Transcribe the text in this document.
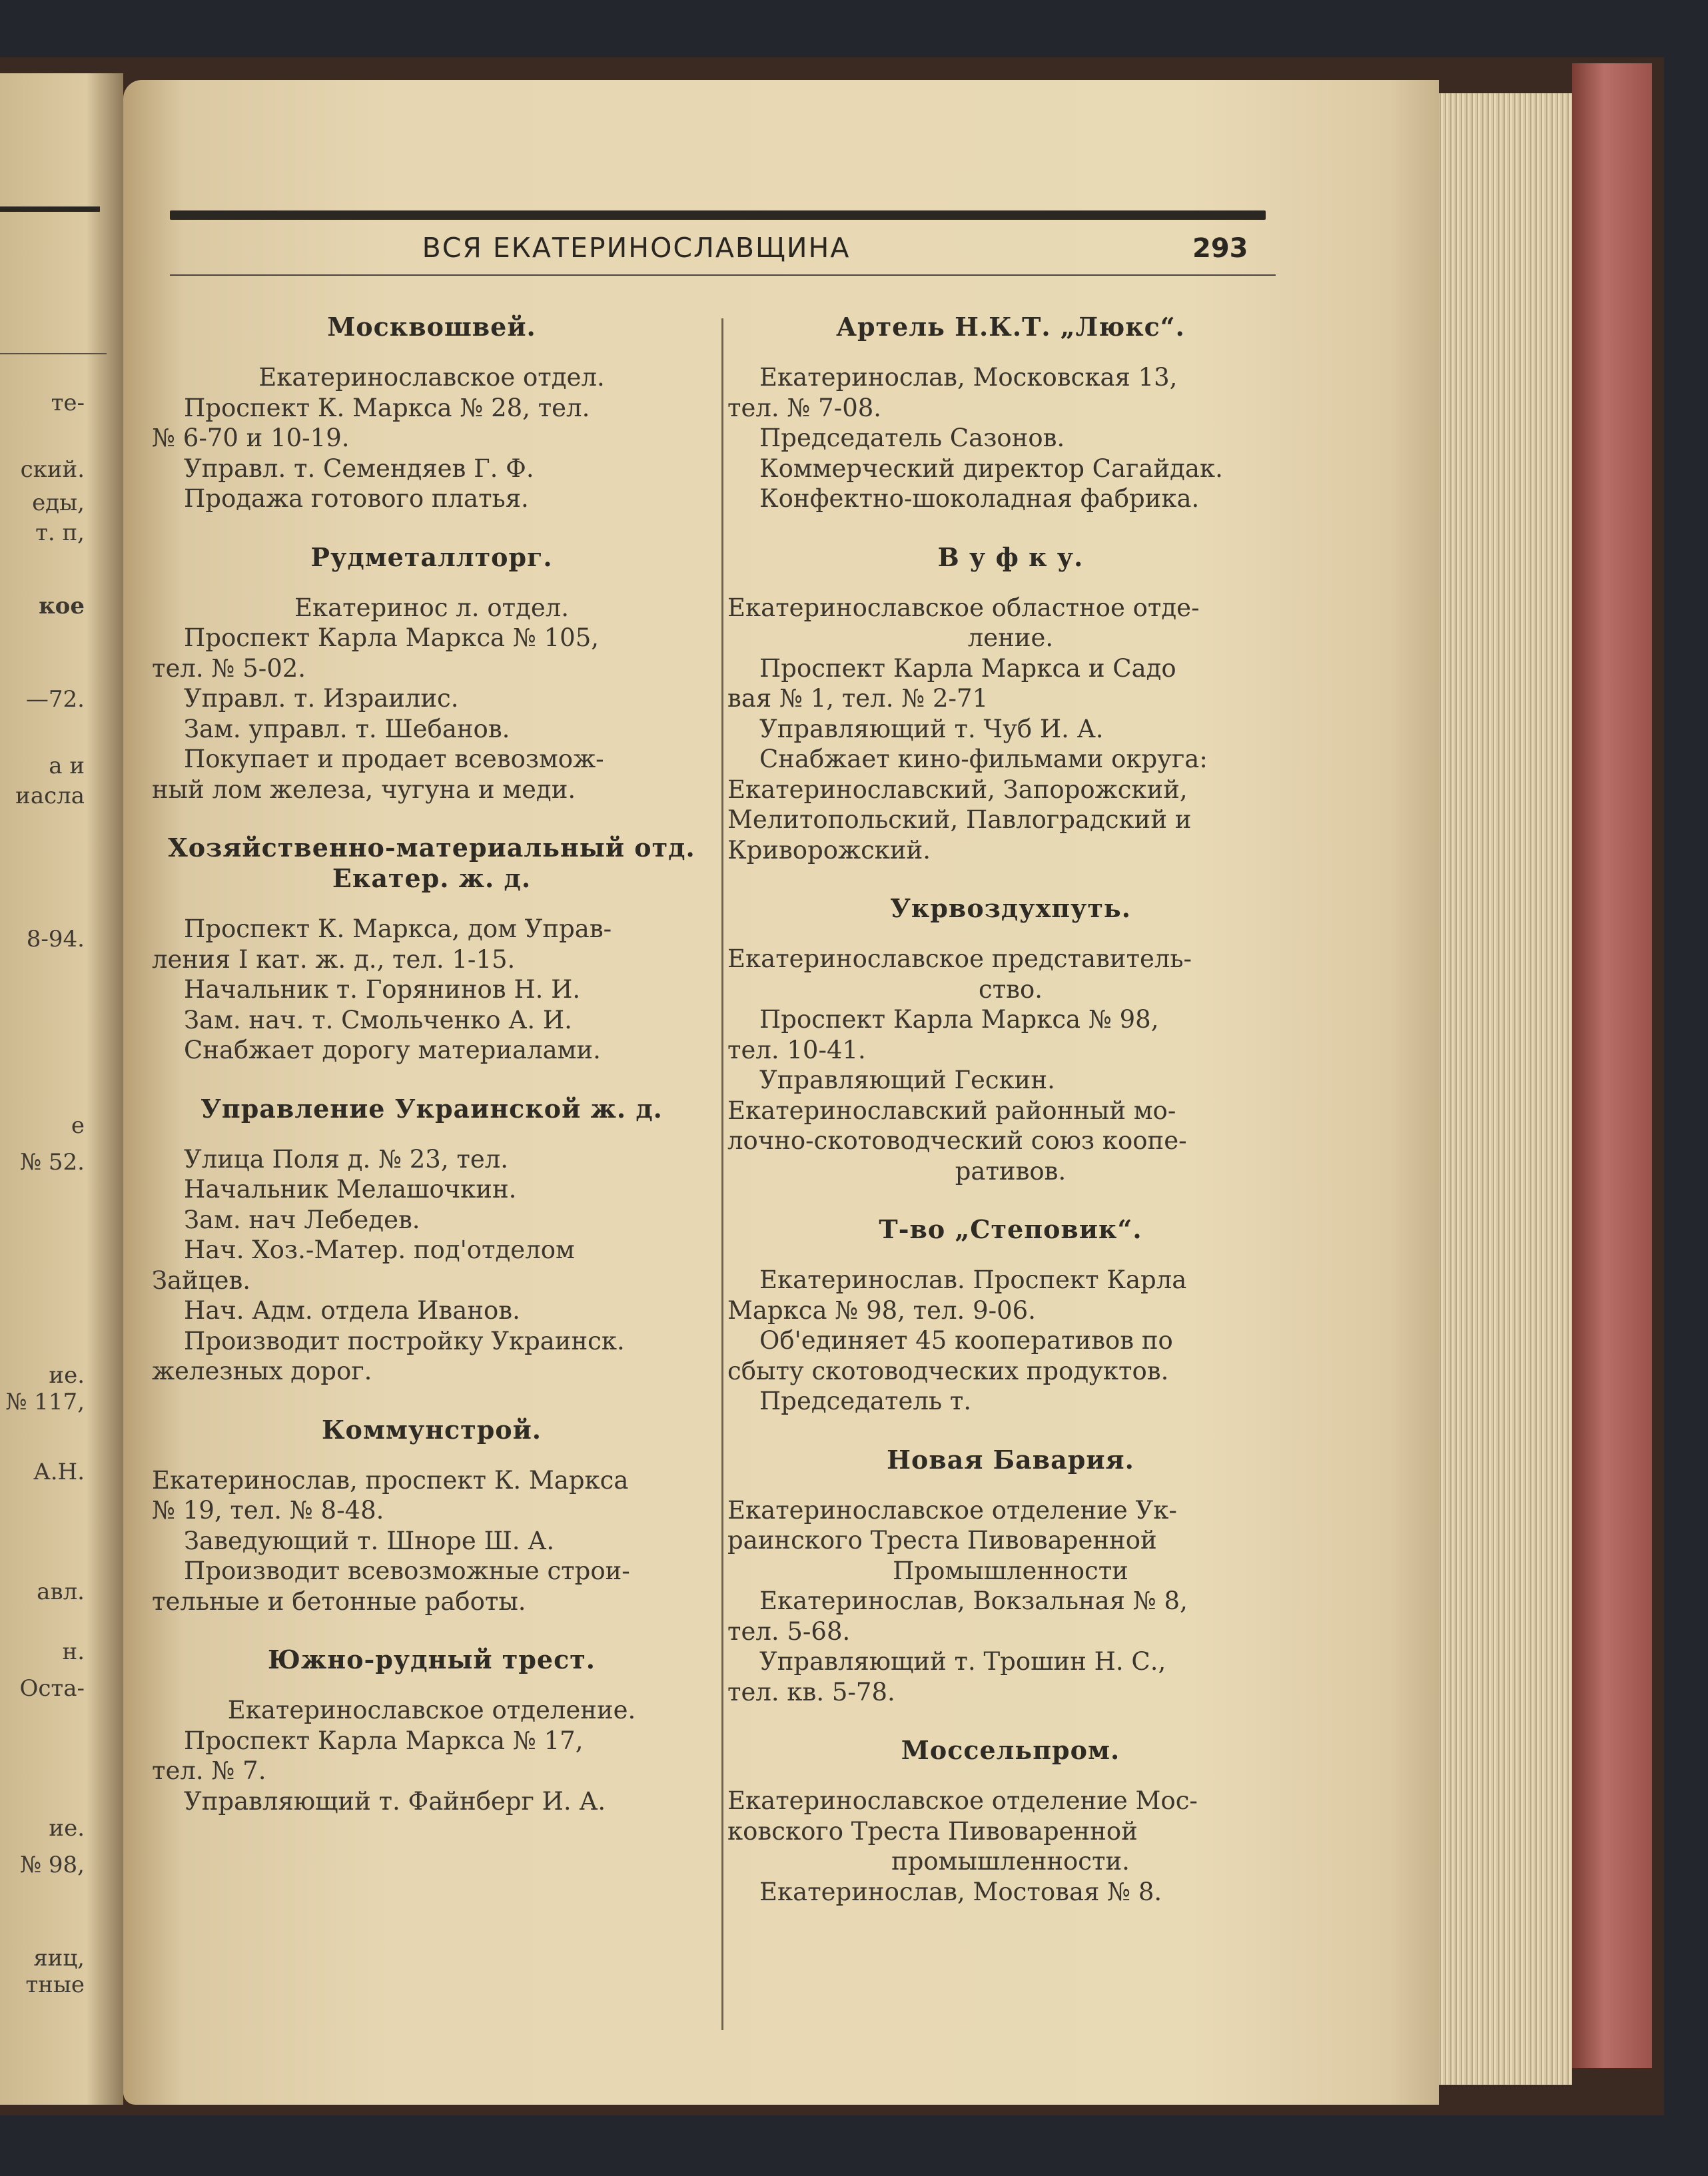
те-
ский.
еды,
т. п,
кое
—72.
а и
иасла
8-94.
е
№ 52.
ие.
№ 117,
А.Н.
авл.
н.
Оста-
ие.
№ 98,
яиц,
тные
ВСЯ ЕКАТЕРИНОСЛАВЩИНА	293
Москвошвей.
Екатеринославское отдел.
Проспект К. Маркса № 28, тел.
№ 6-70 и 10-19.
Управл. т. Семендяев Г. Ф.
Продажа готового платья.
Рудметаллторг.
Екатеринос л. отдел.
Проспект Карла Маркса № 105,
тел. № 5-02.
Управл. т. Израилис.
Зам. управл. т. Шебанов.
Покупает и продает всевозмож-
ный лом железа, чугуна и меди.
Хозяйственно-материальный отд.
Екатер. ж. д.
Проспект К. Маркса, дом Управ-
ления I кат. ж. д., тел. 1-15.
Начальник т. Горянинов Н. И.
Зам. нач. т. Смольченко А. И.
Снабжает дорогу материалами.
Управление Украинской ж. д.
Улица Поля д. № 23, тел.
Начальник Мелашочкин.
Зам. нач Лебедев.
Нач. Хоз.-Матер. под'отделом
Зайцев.
Нач. Адм. отдела Иванов.
Производит постройку Украинск.
железных дорог.
Коммунстрой.
Екатеринослав, проспект К. Маркса
№ 19, тел. № 8-48.
Заведующий т. Шноре Ш. А.
Производит всевозможные строи-
тельные и бетонные работы.
Южно-рудный трест.
Екатеринославское отделение.
Проспект Карла Маркса № 17,
тел. № 7.
Управляющий т. Файнберг И. А.
Артель Н.К.Т. „Люкс“.
Екатеринослав, Московская 13,
тел. № 7-08.
Председатель Сазонов.
Коммерческий директор Сагайдак.
Конфектно-шоколадная фабрика.
В у ф к у.
Екатеринославское областное отде-
ление.
Проспект Карла Маркса и Садо
вая № 1, тел. № 2-71
Управляющий т. Чуб И. А.
Снабжает кино-фильмами округа:
Екатеринославский, Запорожский,
Мелитопольский, Павлоградский и
Криворожский.
Укрвоздухпуть.
Екатеринославское представитель-
ство.
Проспект Карла Маркса № 98,
тел. 10-41.
Управляющий Гескин.
Екатеринославский районный мо-
лочно-скотоводческий союз коопе-
ративов.
Т-во „Степовик“.
Екатеринослав. Проспект Карла
Маркса № 98, тел. 9-06.
Об'единяет 45 кооперативов по
сбыту скотоводческих продуктов.
Председатель т.
Новая Бавария.
Екатеринославское отделение Ук-
раинского Треста Пивоваренной
Промышленности
Екатеринослав, Вокзальная № 8,
тел. 5-68.
Управляющий т. Трошин Н. С.,
тел. кв. 5-78.
Моссельпром.
Екатеринославское отделение Мос-
ковского Треста Пивоваренной
промышленности.
Екатеринослав, Мостовая № 8.
